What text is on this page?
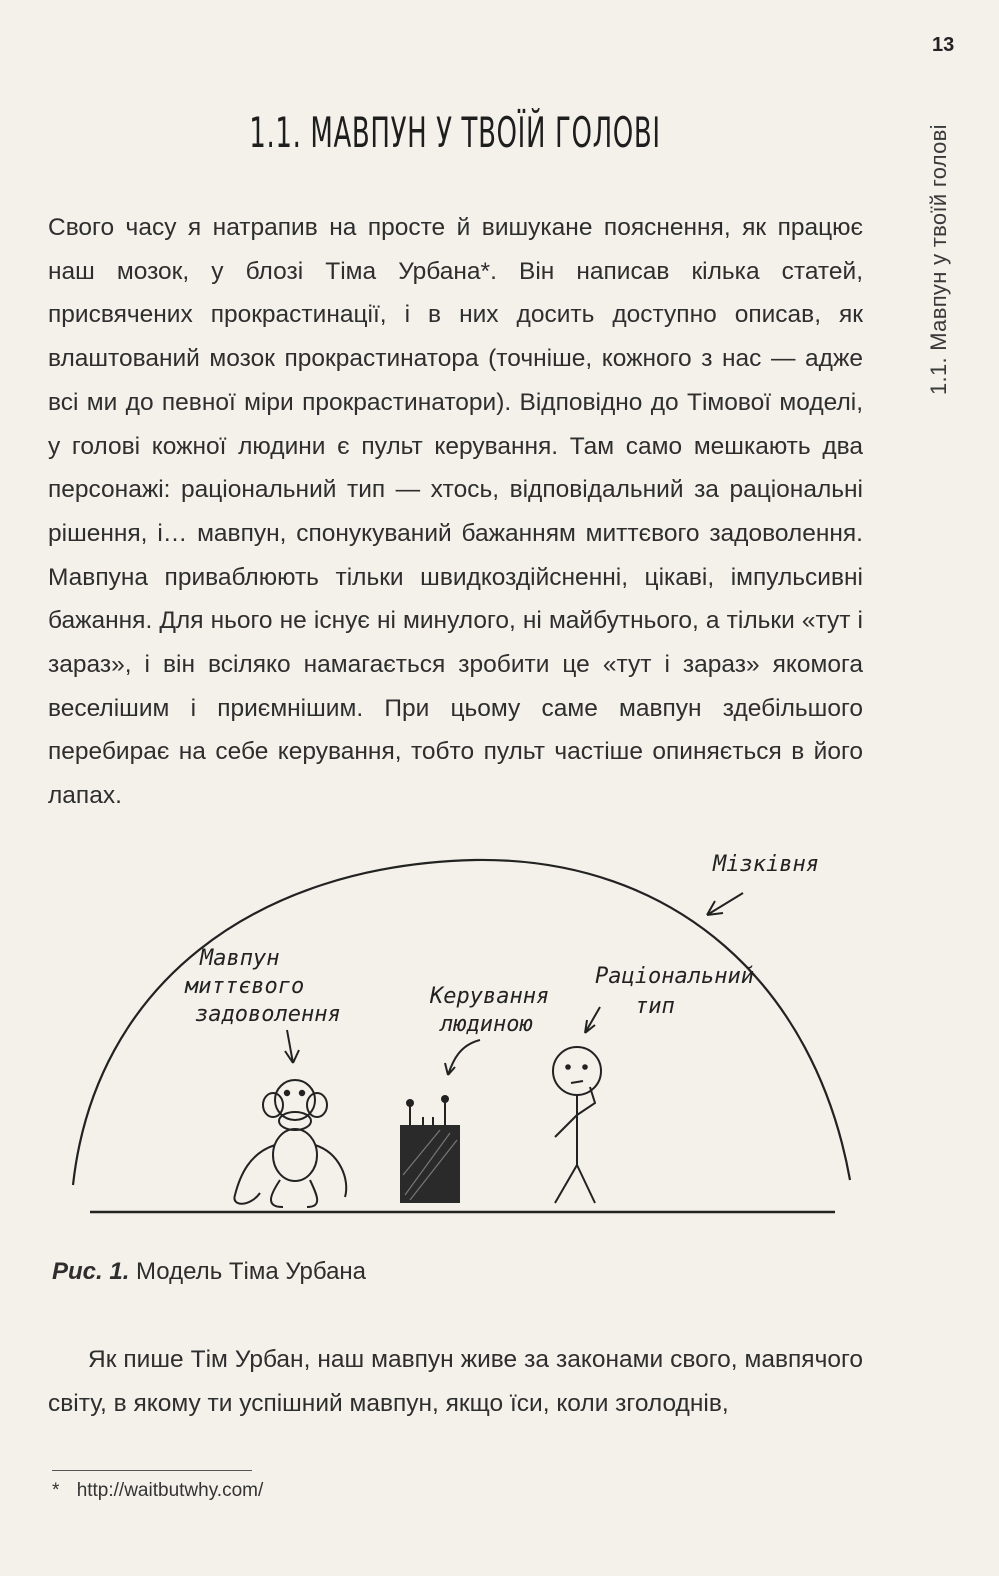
13
1.1. Мавпун у твоїй голові
1.1. МАВПУН У ТВОЇЙ ГОЛОВІ

Свого часу я натрапив на просте й вишукане пояснення, як працює наш мозок, у блозі Тіма Урбана*. Він написав кілька статей, присвячених прокрастинації, і в них досить доступно описав, як влаштований мозок прокрастинатора (точніше, кожного з нас — адже всі ми до певної міри прокрастинатори). Відповідно до Тімової моделі, у голові кожної людини є пульт керування. Там само мешкають два персонажі: раціональний тип — хтось, відповідальний за раціональні рішення, і… мавпун, спонукуваний бажанням миттєвого задоволення. Мавпуна приваблюють тільки швидкоздійсненні, цікаві, імпульсивні бажання. Для нього не існує ні минулого, ні майбутнього, а тільки «тут і зараз», і він всіляко намагається зробити це «тут і зараз» якомога веселішим і приємнішим. При цьому саме мавпун здебільшого перебирає на себе керування, тобто пульт частіше опиняється в його лапах.

Мізківня
Мавпун
миттєвого
задоволення
Керування
людиною
Раціональний
тип
Рис. 1. Модель Тіма Урбана

Як пише Тім Урбан, наш мавпун живе за законами свого, мавпячого світу, в якому ти успішний мавпун, якщо їси, коли зголоднів,

* http://waitbutwhy.com/
